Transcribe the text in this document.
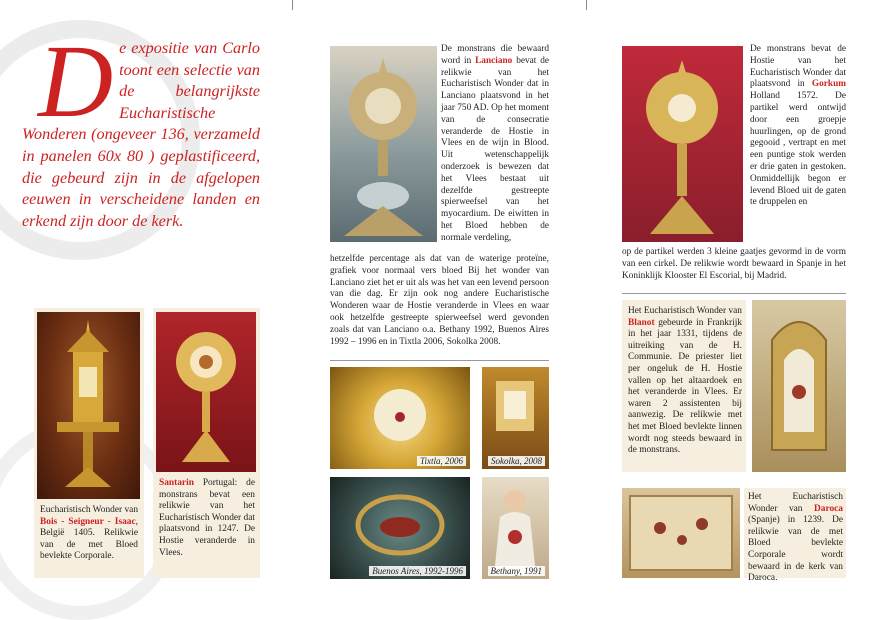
De expositie van Carlo toont een selectie van de belangrijkste Eucharistische Wonderen (ongeveer 136, verzameld in panelen 60x 80 ) geplastificeerd, die gebeurd zijn in de afgelopen eeuwen in verscheidene landen en erkend zijn door de kerk.
Eucharistisch Wonder van Bois - Seigneur - Isaac, België 1405. Relikwie van de met Bloed bevlekte Corporale.
Santarin Portugal: de monstrans bevat een relikwie van het Eucharistisch Wonder dat plaatsvond in 1247. De Hostie veranderde in Vlees.
De monstrans die bewaard word in Lanciano bevat de relikwie van het Eucharistisch Wonder dat in Lanciano plaatsvond in het jaar 750 AD. Op het moment van de consecratie veranderde de Hostie in Vlees en de wijn in Blood. Uit wetenschappelijk onderzoek is bewezen dat het Vlees bestaat uit dezelfde gestreepte spierweefsel van het myocardium. De eiwitten in het Bloed hebben de normale verdeling,
hetzelfde percentage als dat van de waterige proteïne, grafiek voor normaal vers bloed Bij het wonder van Lanciano ziet het er uit als was het van een levend persoon van die dag. Er zijn ook nog andere Eucharistische Wonderen waar de Hostie veranderde in Vlees en waar ook hetzelfde gestreepte spierweefsel werd gevonden zoals dat van Lanciano o.a. Bethany 1992, Buenos Aires 1992 – 1996 en in Tixtla 2006, Sokolka 2008.
Tixtla, 2006	Sokolka, 2008
Buenos Aires, 1992-1996	Bethany, 1991
De monstrans bevat de Hostie van het Eucharistisch Wonder dat plaatsvond in Gorkum Holland 1572. De partikel werd ontwijd door een groepje huurlingen, op de grond gegooid , vertrapt en met een puntige stok werden er drie gaten in gestoken. Onmiddellijk begon er levend Bloed uit de gaten te druppelen en
op de partikel werden 3 kleine gaatjes gevormd in de vorm van een cirkel. De relikwie wordt bewaard in Spanje in het Koninklijk Klooster El Escorial, bij Madrid.
Het Eucharistisch Wonder van Blanot gebeurde in Frankrijk in het jaar 1331, tijdens de uitreiking van de H. Communie. De priester liet per ongeluk de H. Hostie vallen op het altaardoek en het veranderde in Vlees. Er waren 2 assistenten bij aanwezig. De relikwie met het met Bloed bevlekte linnen wordt nog steeds bewaard in de monstrans.
Het Eucharistisch Wonder van Daroca (Spanje) in 1239. De relikwie van de met Bloed bevlekte Corporale wordt bewaard in de kerk van Daroca.
